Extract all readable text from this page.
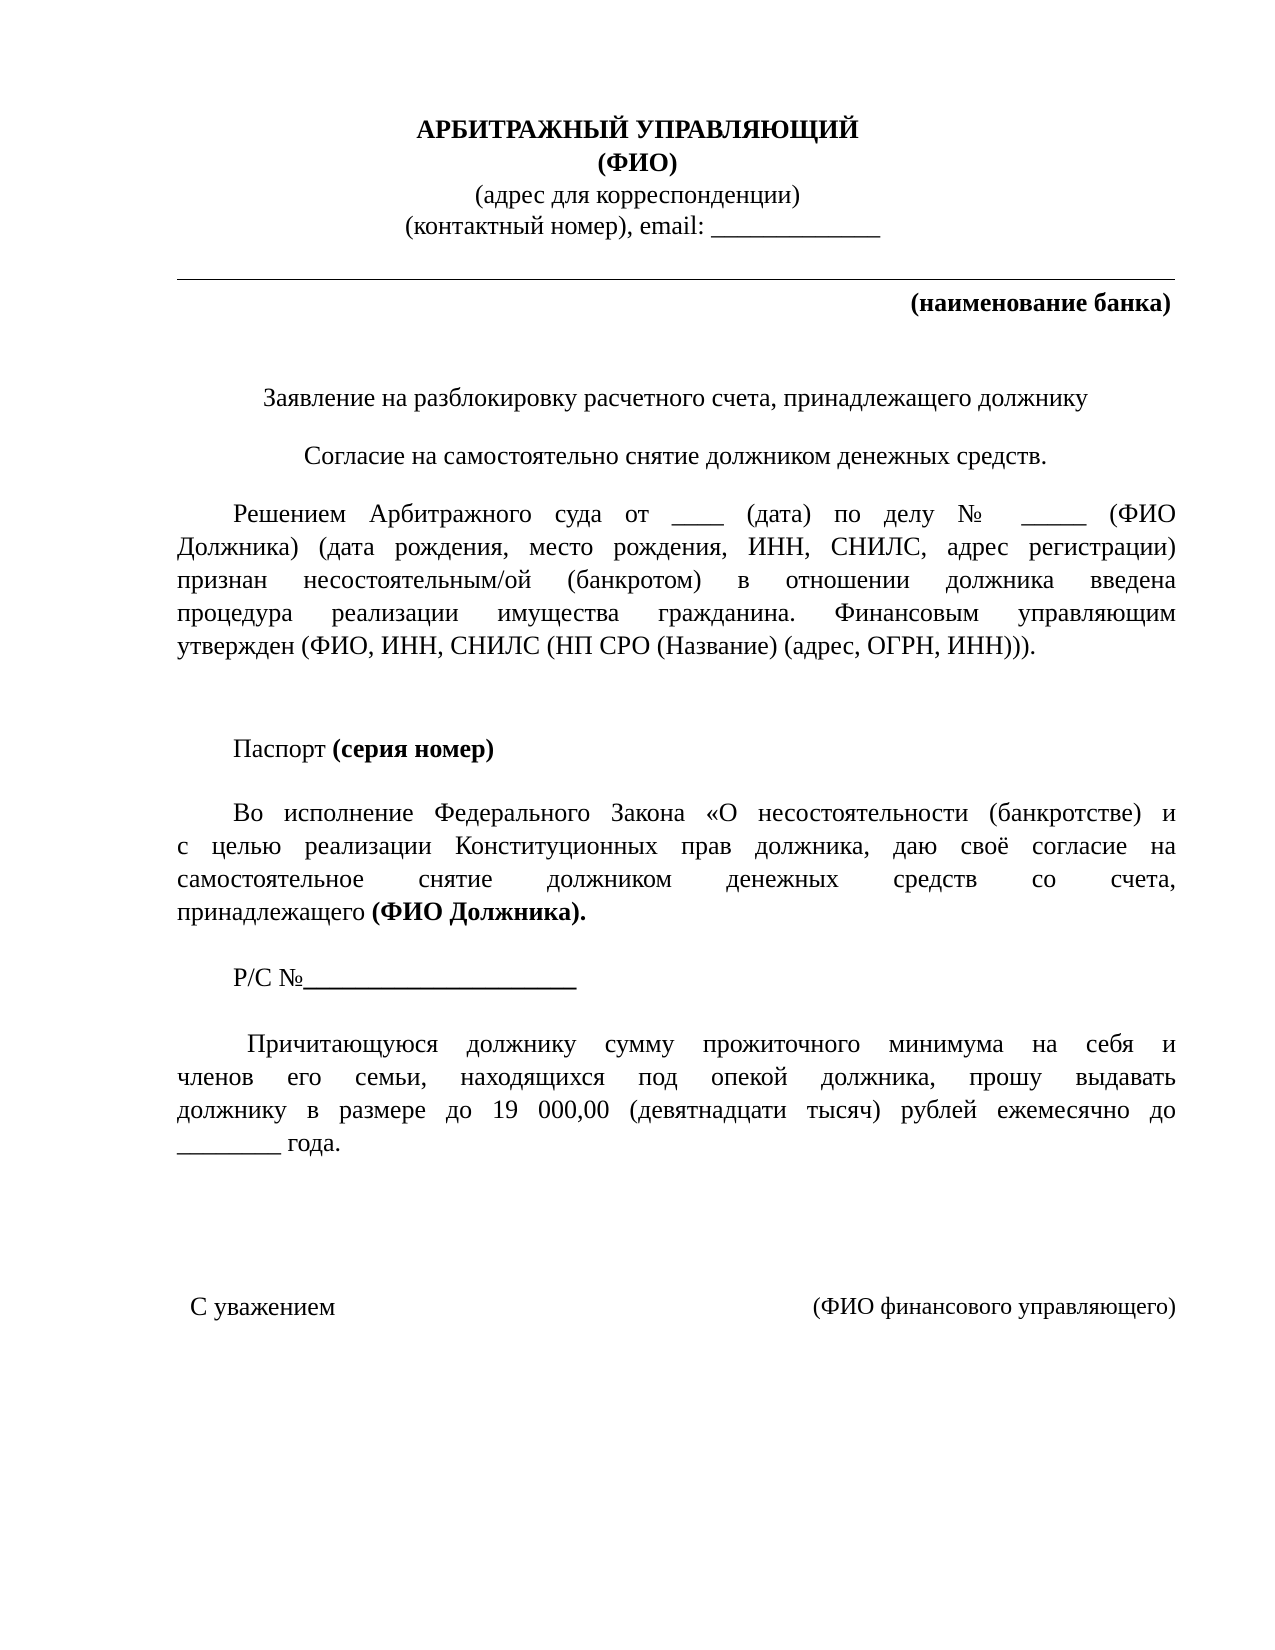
АРБИТРАЖНЫЙ УПРАВЛЯЮЩИЙ
(ФИО)
(адрес для корреспонденции)
(контактный номер), email: _____________
(наименование банка)
Заявление на разблокировку расчетного счета, принадлежащего должнику
Согласие на самостоятельно снятие должником денежных средств.
Решением Арбитражного суда от ____ (дата) по делу № _____ (ФИО
Должника) (дата рождения, место рождения, ИНН, СНИЛС, адрес регистрации)
признан несостоятельным/ой (банкротом) в отношении должника введена
процедура реализации имущества гражданина. Финансовым управляющим
утвержден (ФИО, ИНН, СНИЛС (НП СРО (Название) (адрес, ОГРН, ИНН))).
Паспорт (серия номер)
Во исполнение Федерального Закона «О несостоятельности (банкротстве) и
с целью реализации Конституционных прав должника, даю своё согласие на
самостоятельное снятие должником денежных средств со счета,
принадлежащего (ФИО Должника).
Р/С №_____________________
Причитающуюся должнику сумму прожиточного минимума на себя и
членов его семьи, находящихся под опекой должника, прошу выдавать
должнику в размере до 19 000,00 (девятнадцати тысяч) рублей ежемесячно до
________ года.
С уважением	(ФИО финансового управляющего)
